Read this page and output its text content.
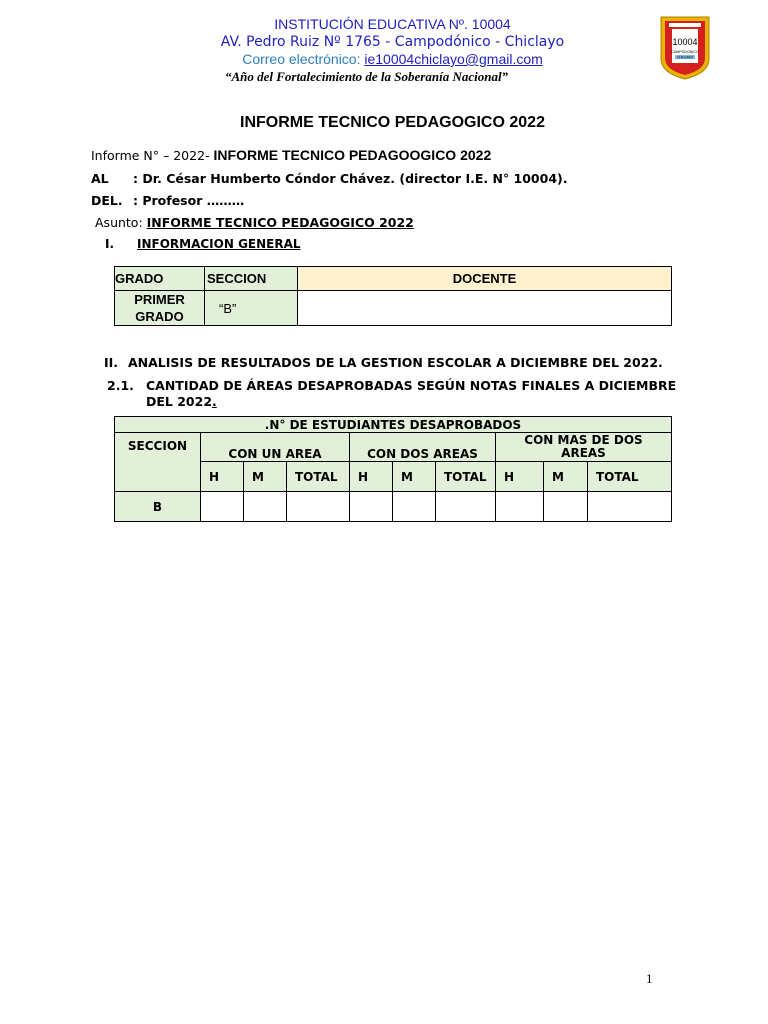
INSTITUCIÓN EDUCATIVA Nº. 10004
AV. Pedro Ruiz Nº 1765 - Campodónico - Chiclayo
Correo electrónico: ie10004chiclayo@gmail.com
“Año del Fortalecimiento de la Soberanía Nacional”
10004
CAMPODÓNICO
CHICLAYO
INFORME TECNICO PEDAGOGICO 2022
Informe N° – 2022- INFORME TECNICO PEDAGOOGICO 2022
AL : Dr. César Humberto Cóndor Chávez. (director I.E. N° 10004).
DEL. : Profesor ………
Asunto: INFORME TECNICO PEDAGOGICO 2022
I. INFORMACION GENERAL
GRADO	SECCION	DOCENTE
PRIMER GRADO	“B”	
II. ANALISIS DE RESULTADOS DE LA GESTION ESCOLAR A DICIEMBRE DEL 2022.
2.1. CANTIDAD DE ÁREAS DESAPROBADAS SEGÚN NOTAS FINALES A DICIEMBRE
DEL 2022.
.N° DE ESTUDIANTES DESAPROBADOS									
SECCION	CON UN AREA			CON DOS AREAS			CON MAS DE DOS AREAS		
	H	M	TOTAL	H	M	TOTAL	H	M	TOTAL
B									
1
